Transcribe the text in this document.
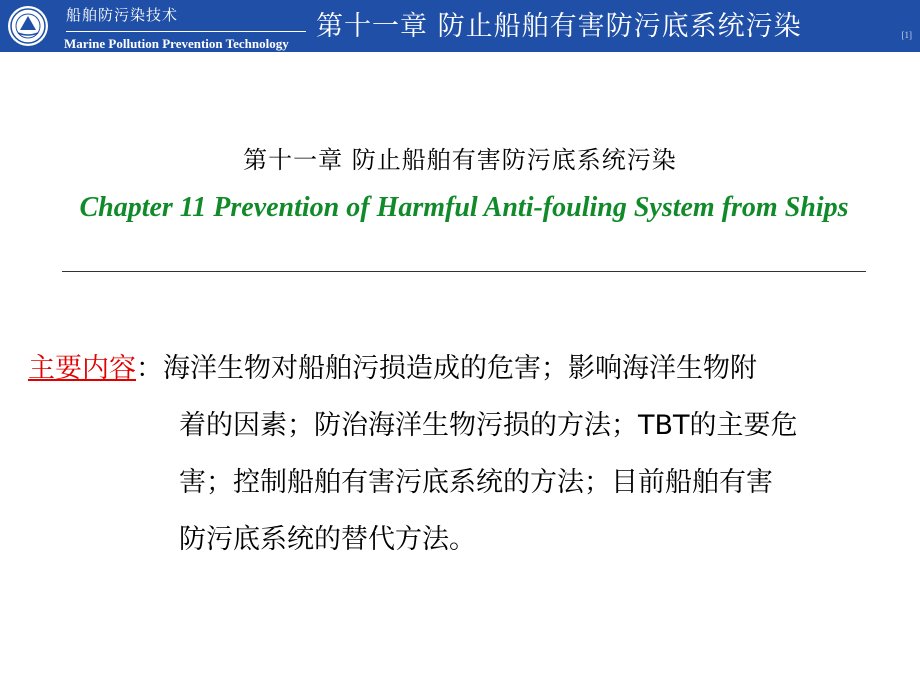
船舶防污染技术
Marine Pollution Prevention Technology
第十一章 防止船舶有害防污底系统污染	[1]
第十一章 防止船舶有害防污底系统污染
Chapter 11 Prevention of Harmful Anti-fouling System from Ships
主要内容：海洋生物对船舶污损造成的危害；影响海洋生物附
着的因素；防治海洋生物污损的方法；TBT的主要危
害；控制船舶有害污底系统的方法；目前船舶有害
防污底系统的替代方法。
